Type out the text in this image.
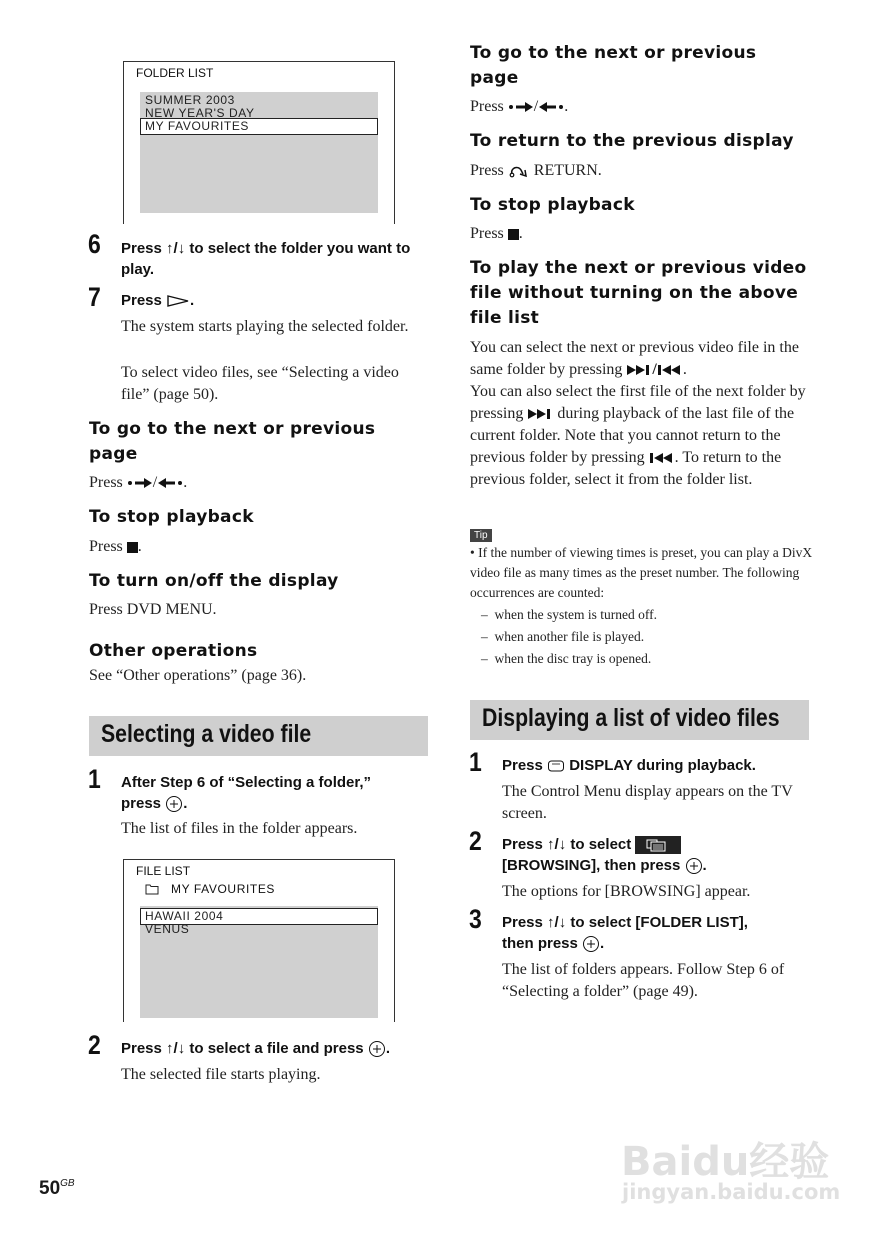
FOLDER LIST
SUMMER 2003
NEW YEAR'S DAY
MY FAVOURITES
6 Press ↑/↓ to select the folder you want to play.

7 Press .

The system starts playing the selected folder.

To select video files, see “Selecting a video file” (page 50).

To go to the next or previous page

Press / .

To stop playback

Press .

To turn on/off the display

Press DVD MENU.

Other operations

See “Other operations” (page 36).

Selecting a video file
1 After Step 6 of “Selecting a folder,”

press .

The list of files in the folder appears.

FILE LIST
MY FAVOURITES
HAWAII 2004
VENUS
2 Press ↑/↓ to select a file and press .

The selected file starts playing.

To go to the next or previous page

Press / .

To return to the previous display

Press RETURN.

To stop playback

Press .

To play the next or previous video file without turning on the above file list

You can select the next or previous video file in the same folder by pressing / .

You can also select the first file of the next folder by pressing during playback of the last file of the current folder. Note that you cannot return to the previous folder by pressing . To return to the previous folder, select it from the folder list.

Tip

• If the number of viewing times is preset, you can play a DivX video file as many times as the preset number. The following occurrences are counted:

–  when the system is turned off.

–  when another file is played.

–  when the disc tray is opened.

Displaying a list of video files
1 Press DISPLAY during playback.

The Control Menu display appears on the TV screen.

2 Press ↑/↓ to select

[BROWSING], then press .

The options for [BROWSING] appear.

3 Press ↑/↓ to select [FOLDER LIST],

then press .

The list of folders appears. Follow Step 6 of “Selecting a folder” (page 49).

$50^{GB}$	Baidu经验
jingyan.baidu.com
